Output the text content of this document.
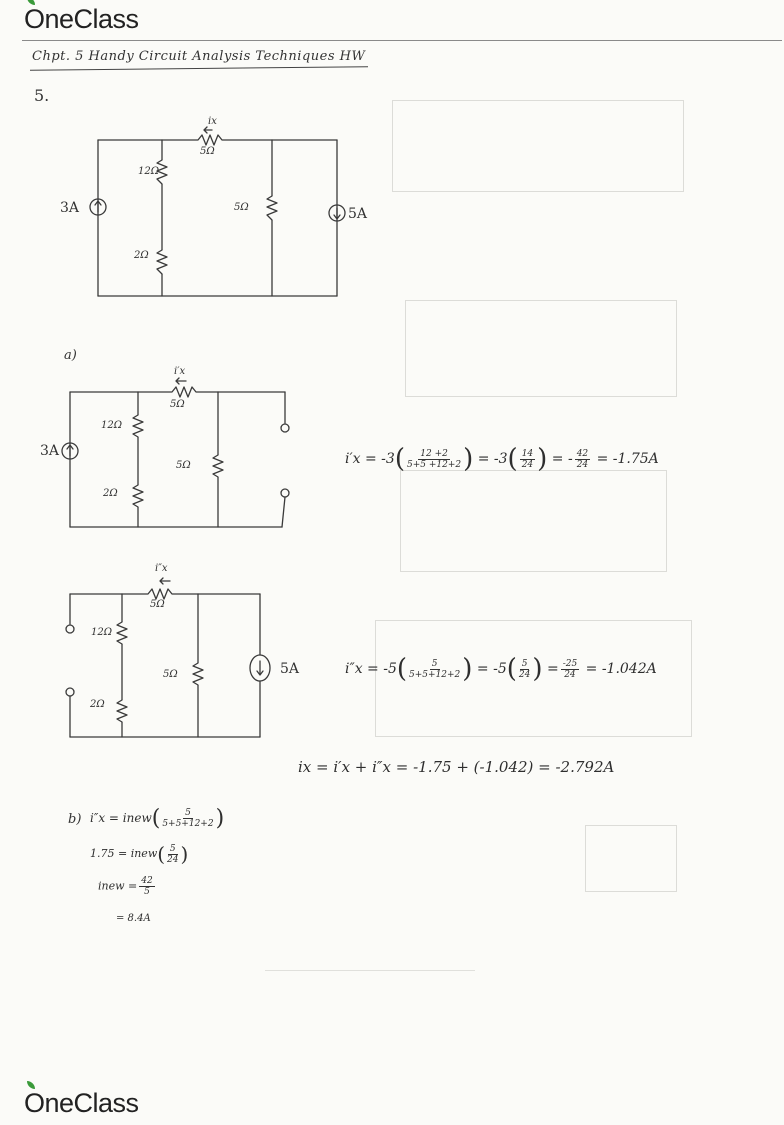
OneClass
OneClass
Chpt. 5 Handy Circuit Analysis Techniques HW
5.
ix
5Ω
12Ω
2Ω
5Ω
3A	5A
a)
i′x
5Ω
12Ω
2Ω
5Ω
3A	$i'x = -3( \frac{12 +2}{5+5 +12+2}$ ) = $-3( \frac{14}{24}$ ) = - $\frac{42}{24} = -1.75A$
i″x
5Ω
12Ω
2Ω
5Ω	5A	$i''x = -5( \frac{5}{5+5+12+2}$ ) = $-5( \frac{5}{24}$ ) = $\frac{-25}{24} = -1.042A$
ix = i′x + i″x = -1.75 + (-1.042) = -2.792A
b) i″x = inew( $\frac{5}{5+5+12+2}$ )
1.75 = inew( $\frac{5}{24}$ )
inew = $\frac{42}{5}$
= 8.4A
